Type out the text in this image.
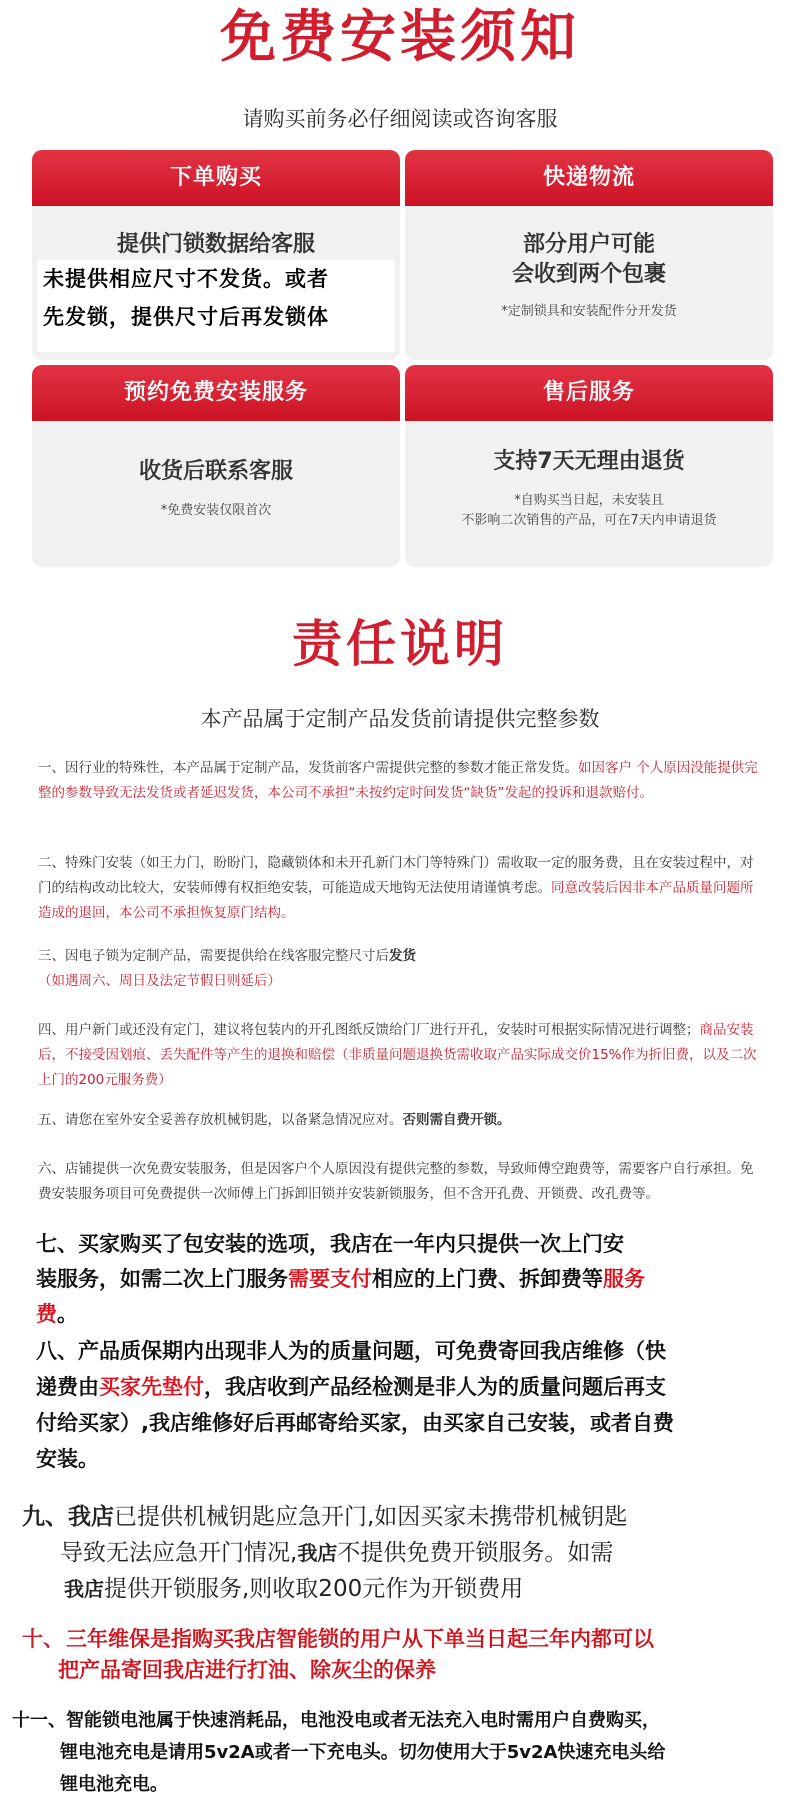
免费安装须知
请购买前务必仔细阅读或咨询客服
下单购买
提供门锁数据给客服
未提供相应尺寸不发货。或者
先发锁，提供尺寸后再发锁体
快递物流
部分用户可能
会收到两个包裹
*定制锁具和安装配件分开发货
预约免费安装服务
收货后联系客服
*免费安装仅限首次
售后服务
支持7天无理由退货
*自购买当日起，未安装且
不影响二次销售的产品，可在7天内申请退货
责任说明
本产品属于定制产品发货前请提供完整参数
一、因行业的特殊性，本产品属于定制产品，发货前客户需提供完整的参数才能正常发货。如因客户 个人原因没能提供完整的参数导致无法发货或者延迟发货，本公司不承担“未按约定时间发货“缺货”发起的投诉和退款赔付。
二、特殊门安装（如王力门，盼盼门，隐藏锁体和未开孔新门木门等特殊门）需收取一定的服务费，且在安装过程中，对门的结构改动比较大，安装师傅有权拒绝安装，可能造成天地钩无法使用请谨慎考虑。同意改装后因非本产品质量问题所造成的退回，本公司不承担恢复原门结构。
三、因电子锁为定制产品，需要提供给在线客服完整尺寸后发货
（如遇周六、周日及法定节假日则延后）
四、用户新门或还没有定门，建议将包装内的开孔图纸反馈给门厂进行开孔，安装时可根据实际情况进行调整；商品安装后，不接受因划痕、丢失配件等产生的退换和赔偿（非质量问题退换货需收取产品实际成交价15%作为折旧费，以及二次上门的200元服务费）
五、请您在室外安全妥善存放机械钥匙，以备紧急情况应对。否则需自费开锁。
六、店铺提供一次免费安装服务，但是因客户个人原因没有提供完整的参数，导致师傅空跑费等，需要客户自行承担。免费安装服务项目可免费提供一次师傅上门拆卸旧锁并安装新锁服务，但不含开孔费、开锁费、改孔费等。
七、买家购买了包安装的选项，我店在一年内只提供一次上门安
装服务，如需二次上门服务需要支付相应的上门费、拆卸费等服务
费。
八、产品质保期内出现非人为的质量问题，可免费寄回我店维修（快
递费由买家先垫付，我店收到产品经检测是非人为的质量问题后再支
付给买家）,我店维修好后再邮寄给买家，由买家自己安装，或者自费
安装。
九、我店已提供机械钥匙应急开门,如因买家未携带机械钥匙
导致无法应急开门情况,我店不提供免费开锁服务。如需
我店提供开锁服务,则收取200元作为开锁费用
十、 三年维保是指购买我店智能锁的用户从下单当日起三年内都可以
把产品寄回我店进行打油、除灰尘的保养
十一、智能锁电池属于快速消耗品，电池没电或者无法充入电时需用户自费购买，
锂电池充电是请用5v2A或者一下充电头。切勿使用大于5v2A快速充电头给
锂电池充电。
